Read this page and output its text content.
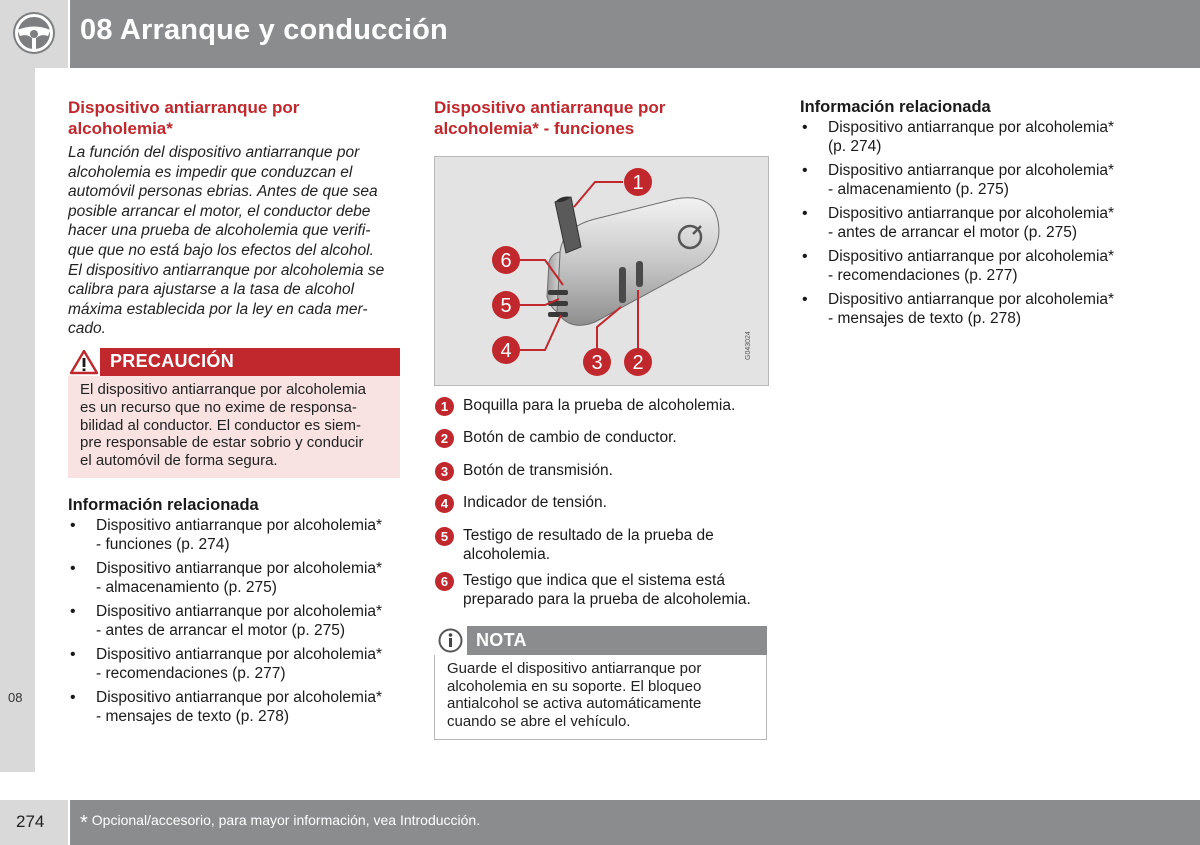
08 Arranque y conducción
08
Dispositivo antiarranque por
alcoholemia*
La función del dispositivo antiarranque por
alcoholemia es impedir que conduzcan el
automóvil personas ebrias. Antes de que sea
posible arrancar el motor, el conductor debe
hacer una prueba de alcoholemia que verifi-
que que no está bajo los efectos del alcohol.
El dispositivo antiarranque por alcoholemia se
calibra para ajustarse a la tasa de alcohol
máxima establecida por la ley en cada mer-
cado.
PRECAUCIÓN
El dispositivo antiarranque por alcoholemia
es un recurso que no exime de responsa-
bilidad al conductor. El conductor es siem-
pre responsable de estar sobrio y conducir
el automóvil de forma segura.
Información relacionada
• Dispositivo antiarranque por alcoholemia*
- funciones (p. 274)
• Dispositivo antiarranque por alcoholemia*
- almacenamiento (p. 275)
• Dispositivo antiarranque por alcoholemia*
- antes de arrancar el motor (p. 275)
• Dispositivo antiarranque por alcoholemia*
- recomendaciones (p. 277)
• Dispositivo antiarranque por alcoholemia*
- mensajes de texto (p. 278)
Dispositivo antiarranque por
alcoholemia* - funciones
1
2
3
4
5
6
G043024
1 Boquilla para la prueba de alcoholemia.
2 Botón de cambio de conductor.
3 Botón de transmisión.
4 Indicador de tensión.
5 Testigo de resultado de la prueba de
alcoholemia.
6 Testigo que indica que el sistema está
preparado para la prueba de alcoholemia.
NOTA
Guarde el dispositivo antiarranque por
alcoholemia en su soporte. El bloqueo
antialcohol se activa automáticamente
cuando se abre el vehículo.
Información relacionada
• Dispositivo antiarranque por alcoholemia*
(p. 274)
• Dispositivo antiarranque por alcoholemia*
- almacenamiento (p. 275)
• Dispositivo antiarranque por alcoholemia*
- antes de arrancar el motor (p. 275)
• Dispositivo antiarranque por alcoholemia*
- recomendaciones (p. 277)
• Dispositivo antiarranque por alcoholemia*
- mensajes de texto (p. 278)
274 * Opcional/accesorio, para mayor información, vea Introducción.
